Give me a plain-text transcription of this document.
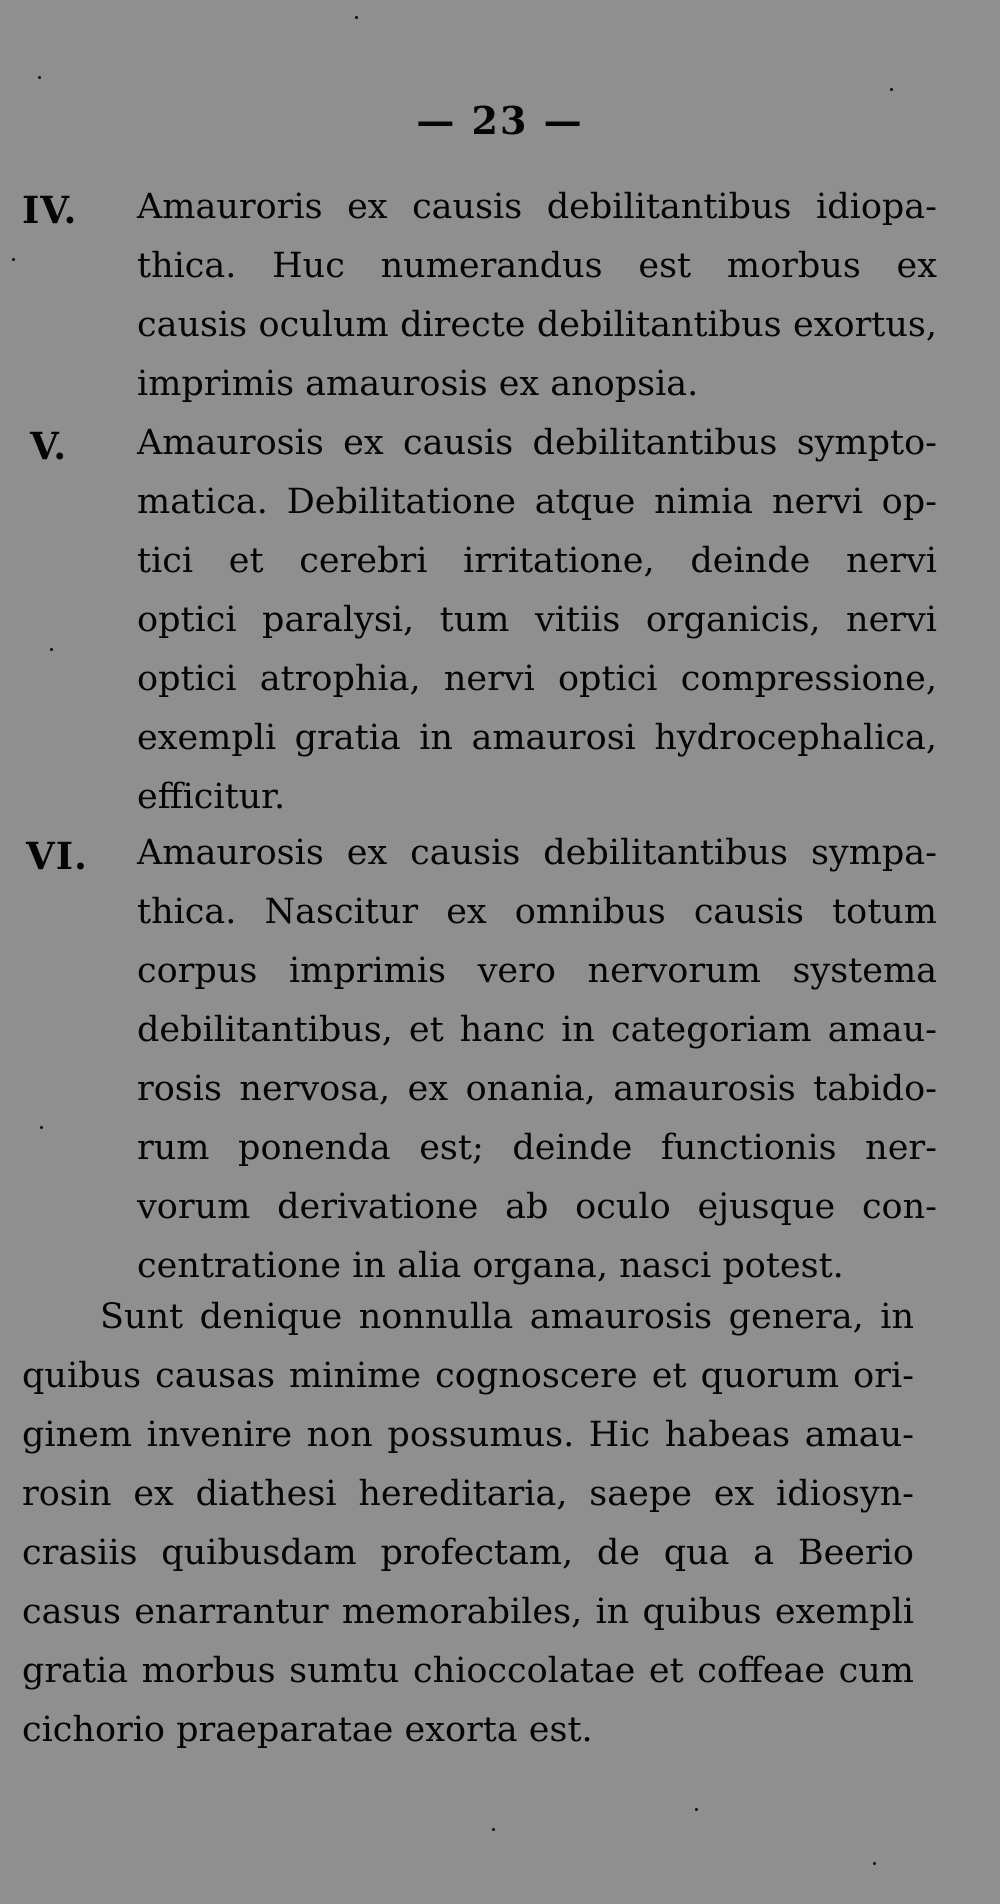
— 23 —
IV. Amauroris ex causis debilitantibus idiopa-
thica. Huc numerandus est morbus ex
causis oculum directe debilitantibus exortus,
imprimis amaurosis ex anopsia.
V. Amaurosis ex causis debilitantibus sympto-
matica. Debilitatione atque nimia nervi op-
tici et cerebri irritatione, deinde nervi
optici paralysi, tum vitiis organicis, nervi
optici atrophia, nervi optici compressione,
exempli gratia in amaurosi hydrocephalica,
efficitur.
VI. Amaurosis ex causis debilitantibus sympa-
thica. Nascitur ex omnibus causis totum
corpus imprimis vero nervorum systema
debilitantibus, et hanc in categoriam amau-
rosis nervosa, ex onania, amaurosis tabido-
rum ponenda est; deinde functionis ner-
vorum derivatione ab oculo ejusque con-
centratione in alia organa, nasci potest.
Sunt denique nonnulla amaurosis genera, in
quibus causas minime cognoscere et quorum ori-
ginem invenire non possumus. Hic habeas amau-
rosin ex diathesi hereditaria, saepe ex idiosyn-
crasiis quibusdam profectam, de qua a Beerio
casus enarrantur memorabiles, in quibus exempli
gratia morbus sumtu chioccolatae et coffeae cum
cichorio praeparatae exorta est.
